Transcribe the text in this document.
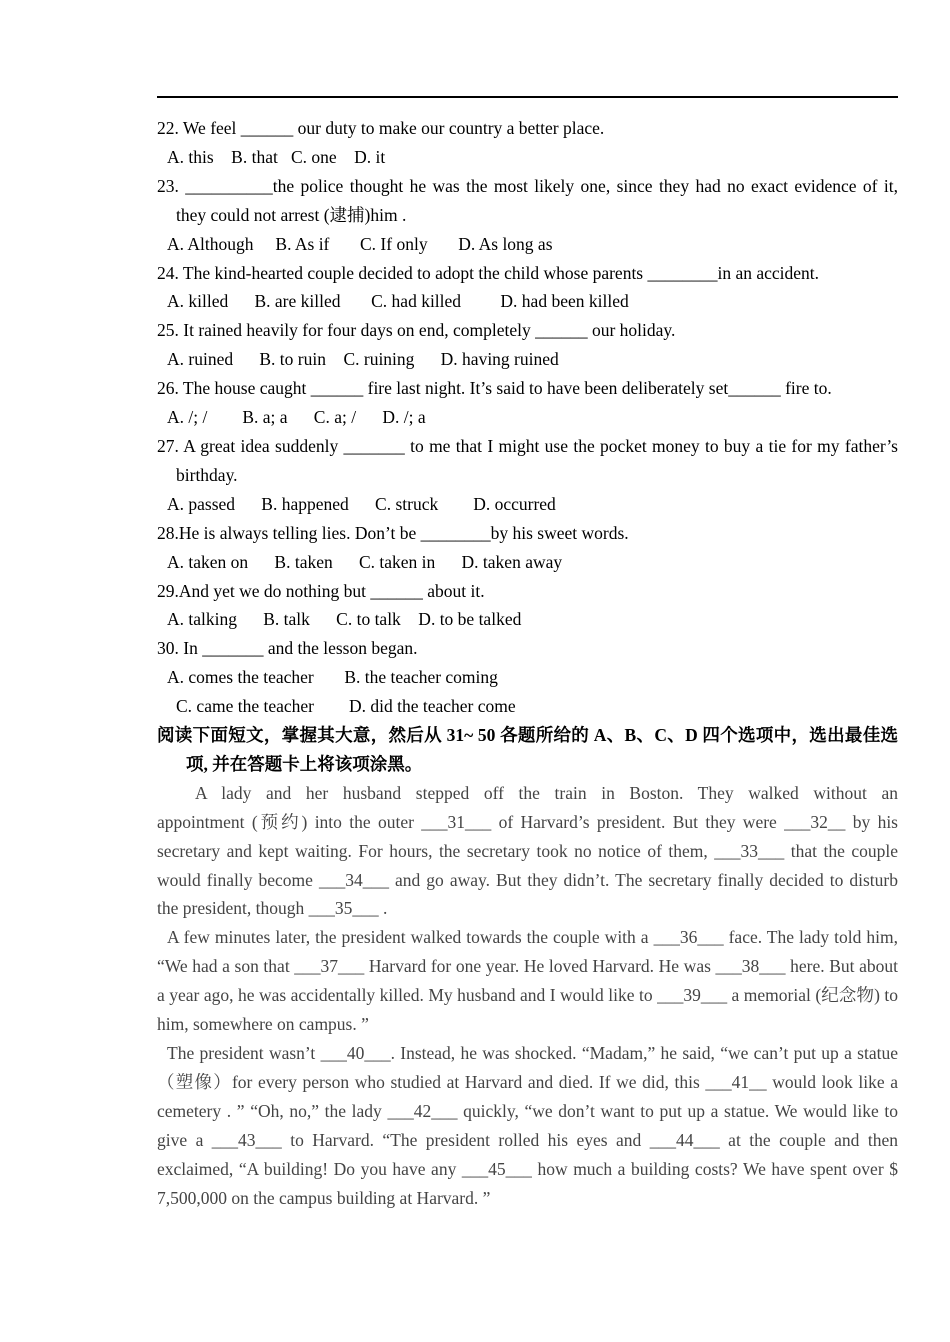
22. We feel ______ our duty to make our country a better place.
A. this    B. that   C. one    D. it
23. __________the police thought he was the most likely one, since they had no exact evidence of it, they could not arrest (逮捕)him .
A. Although     B. As if       C. If only       D. As long as
24. The kind-hearted couple decided to adopt the child whose parents ________in an accident.
A. killed      B. are killed       C. had killed         D. had been killed
25. It rained heavily for four days on end, completely ______ our holiday.
A. ruined      B. to ruin    C. ruining      D. having ruined
26. The house caught ______ fire last night. It’s said to have been deliberately set______ fire to.
A. /; /        B. a; a      C. a; /      D. /; a
27. A great idea suddenly _______ to me that I might use the pocket money to buy a tie for my father’s birthday.
A. passed      B. happened      C. struck        D. occurred
28.He is always telling lies. Don’t be ________by his sweet words.
A. taken on      B. taken      C. taken in      D. taken away
29.And yet we do nothing but ______ about it.
A. talking      B. talk      C. to talk    D. to be talked
30. In _______ and the lesson began.
A. comes the teacher       B. the teacher coming
C. came the teacher        D. did the teacher come
阅读下面短文，掌握其大意，然后从 31~ 50 各题所给的 A、B、C、D 四个选项中，选出最佳选项, 并在答题卡上将该项涂黑。
A lady and her husband stepped off the train in Boston. They walked without an
appointment (预约) into the outer ___31___ of Harvard’s president. But they were ___32__ by his secretary and kept waiting. For hours, the secretary took no notice of them, ___33___ that the couple would finally become ___34___ and go away. But they didn’t. The secretary finally decided to disturb the president, though ___35___ .
A few minutes later, the president walked towards the couple with a ___36___ face. The lady told him, “We had a son that ___37___ Harvard for one year. He loved Harvard. He was ___38___ here. But about a year ago, he was accidentally killed. My husband and I would like to ___39___ a memorial (纪念物) to him, somewhere on campus. ”
The president wasn’t ___40___. Instead, he was shocked. “Madam,” he said, “we can’t put up a statue（塑像）for every person who studied at Harvard and died. If we did, this ___41__ would look like a cemetery . ” “Oh, no,” the lady ___42___ quickly, “we don’t want to put up a statue. We would like to give a ___43___ to Harvard. “The president rolled his eyes and ___44___ at the couple and then exclaimed, “A building! Do you have any ___45___ how much a building costs? We have spent over $ 7,500,000 on the campus building at Harvard. ”
